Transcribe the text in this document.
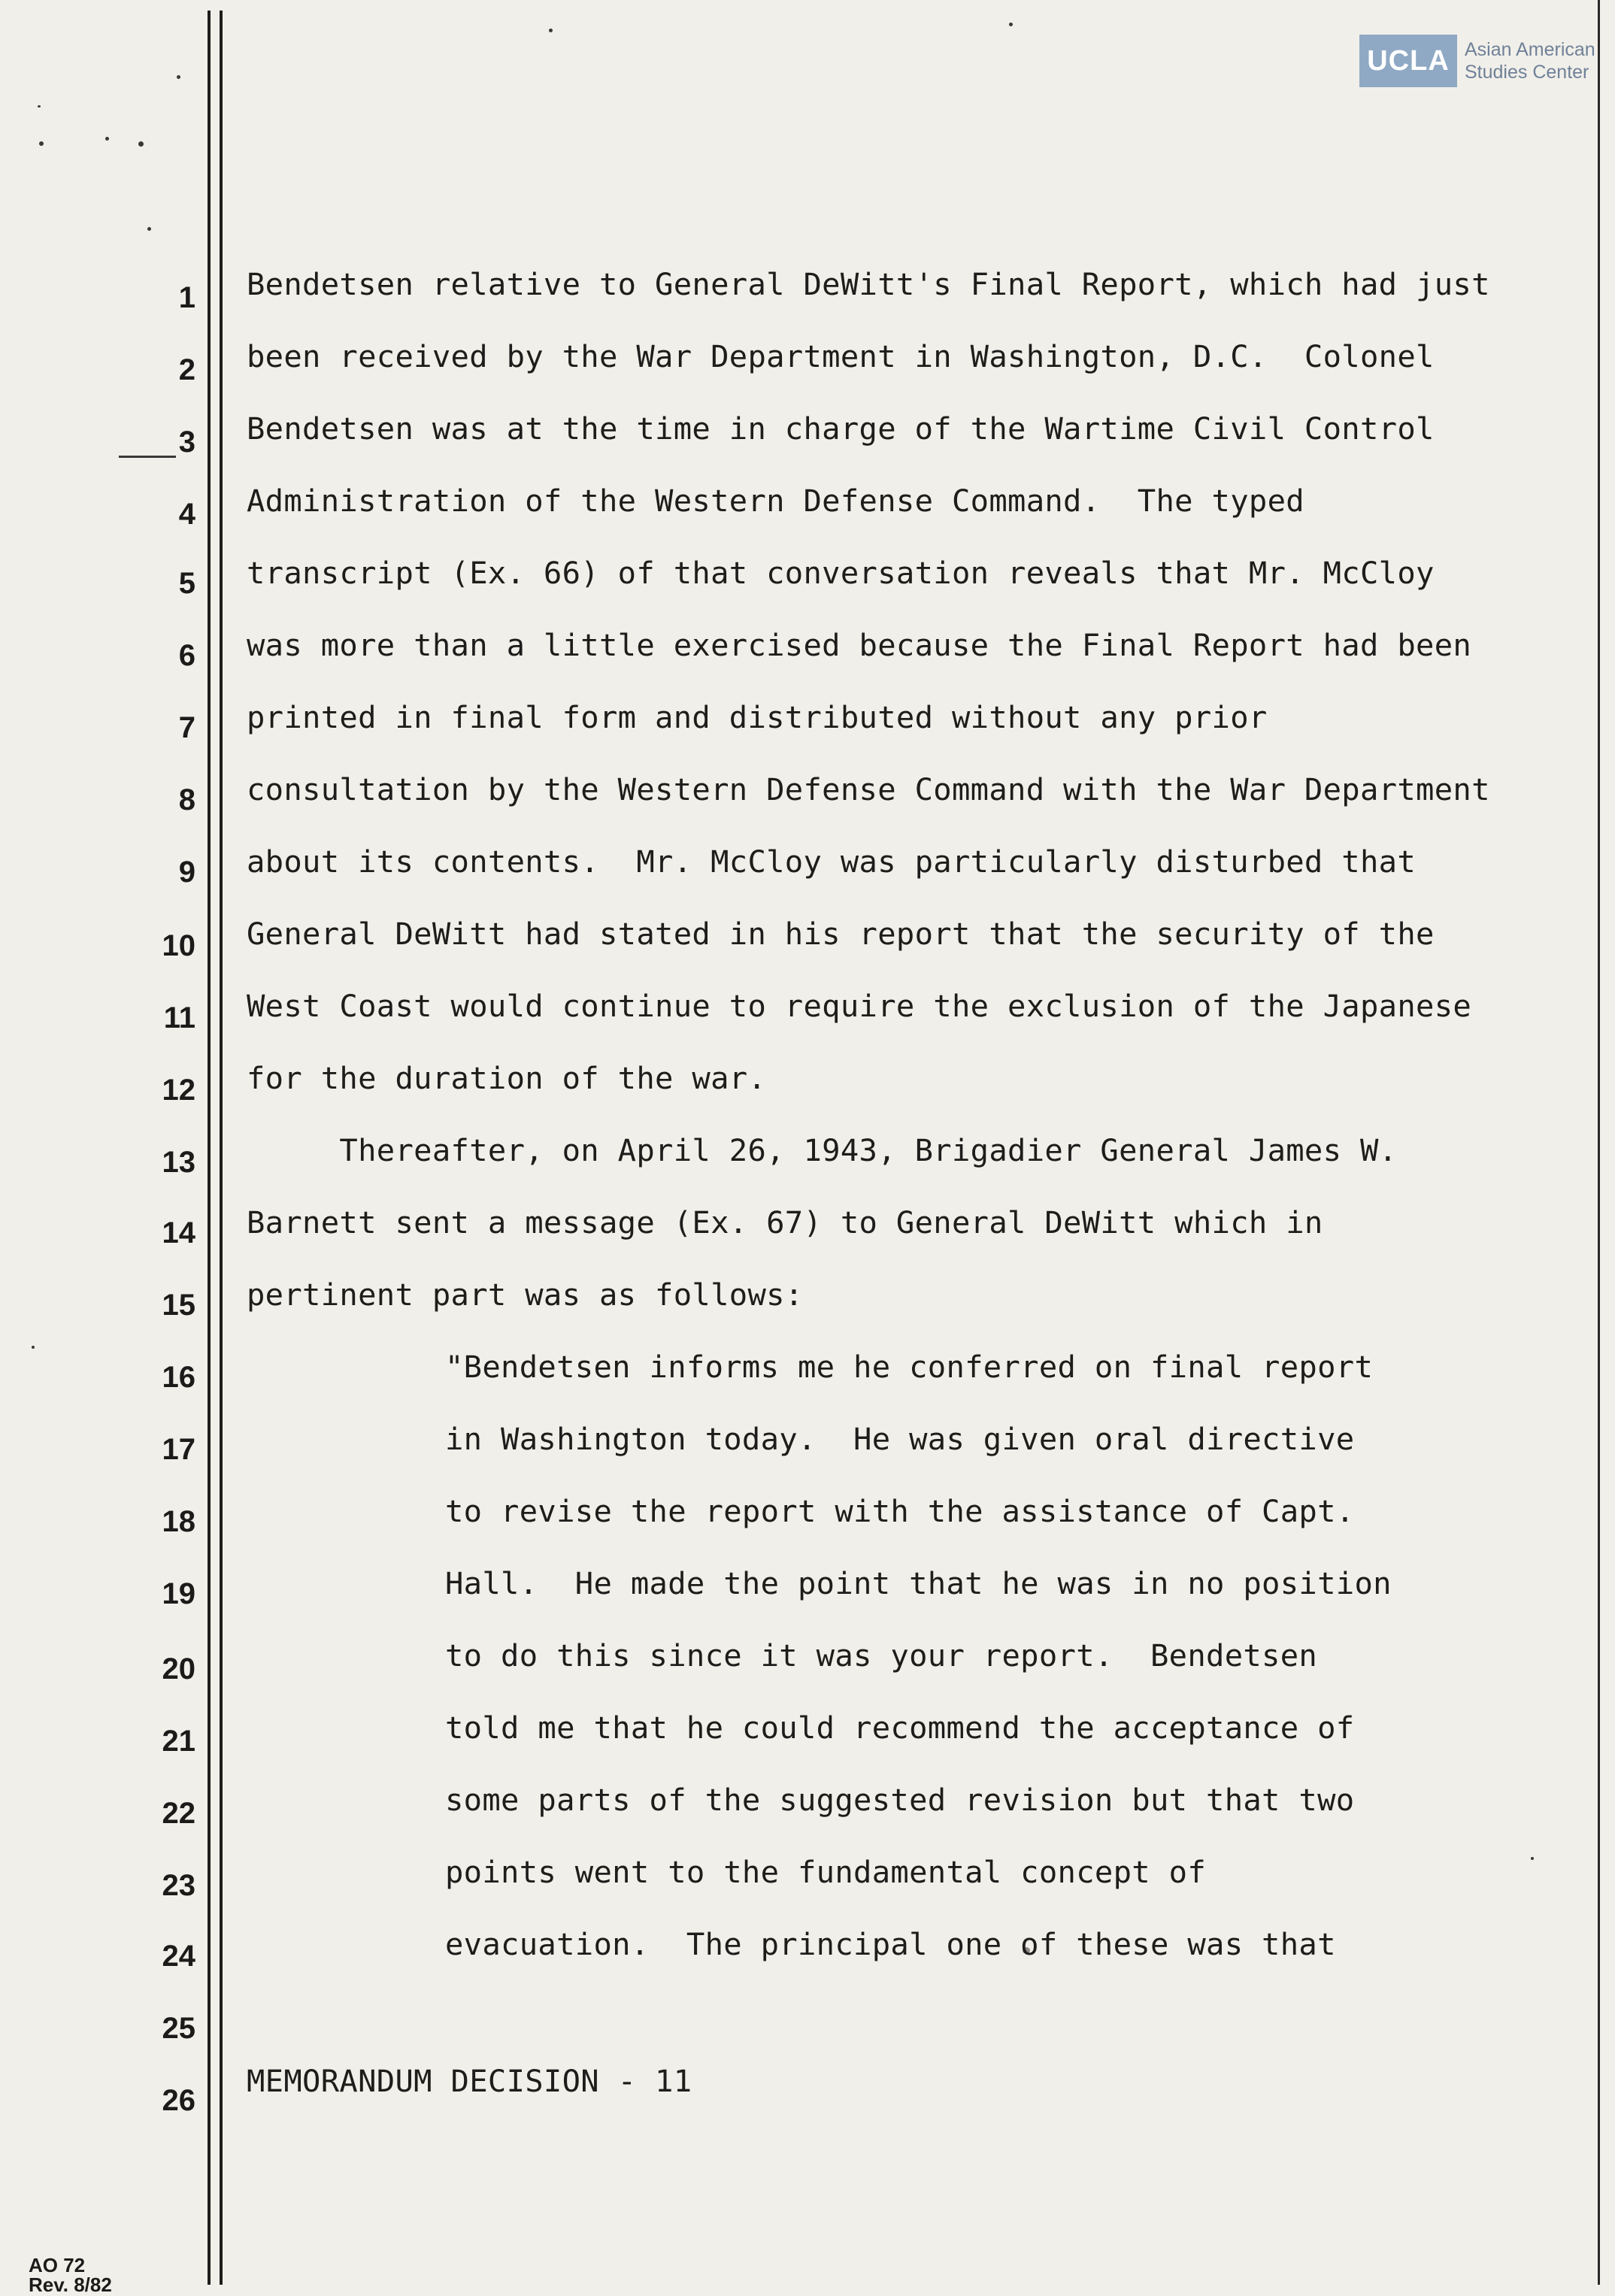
UCLA Asian American
Studies Center
1
2
3
4
5
6
7
8
9
10
11
12
13
14
15
16
17
18
19
20
21
22
23
24
25
26
Bendetsen relative to General DeWitt's Final Report, which had just
been received by the War Department in Washington, D.C.  Colonel
Bendetsen was at the time in charge of the Wartime Civil Control
Administration of the Western Defense Command.  The typed
transcript (Ex. 66) of that conversation reveals that Mr. McCloy
was more than a little exercised because the Final Report had been
printed in final form and distributed without any prior
consultation by the Western Defense Command with the War Department
about its contents.  Mr. McCloy was particularly disturbed that
General DeWitt had stated in his report that the security of the
West Coast would continue to require the exclusion of the Japanese
for the duration of the war.
Thereafter, on April 26, 1943, Brigadier General James W.
Barnett sent a message (Ex. 67) to General DeWitt which in
pertinent part was as follows:
"Bendetsen informs me he conferred on final report
in Washington today.  He was given oral directive
to revise the report with the assistance of Capt.
Hall.  He made the point that he was in no position
to do this since it was your report.  Bendetsen
told me that he could recommend the acceptance of
some parts of the suggested revision but that two
points went to the fundamental concept of
evacuation.  The principal one of these was that
MEMORANDUM DECISION - 11
AO 72
Rev. 8/82
